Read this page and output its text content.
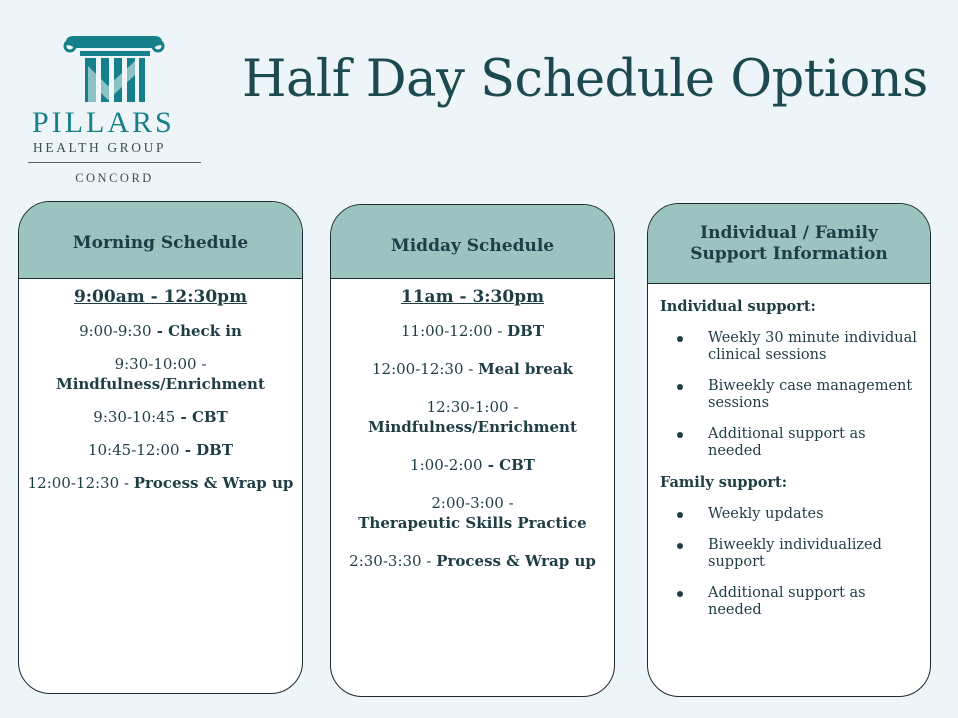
PILLARS
HEALTH GROUP
CONCORD
Half Day Schedule Options
Morning Schedule
9:00am - 12:30pm
9:00-9:30 - Check in
9:30-10:00 -
Mindfulness/Enrichment
9:30-10:45 - CBT
10:45-12:00 - DBT
12:00-12:30 - Process & Wrap up
Midday Schedule
11am - 3:30pm
11:00-12:00 - DBT
12:00-12:30 - Meal break
12:30-1:00 -
Mindfulness/Enrichment
1:00-2:00 - CBT
2:00-3:00 -
Therapeutic Skills Practice
2:30-3:30 - Process & Wrap up
Individual / Family
Support Information
Individual support:
Weekly 30 minute individual clinical sessions
Biweekly case management sessions
Additional support as needed
Family support:
Weekly updates
Biweekly individualized support
Additional support as needed
